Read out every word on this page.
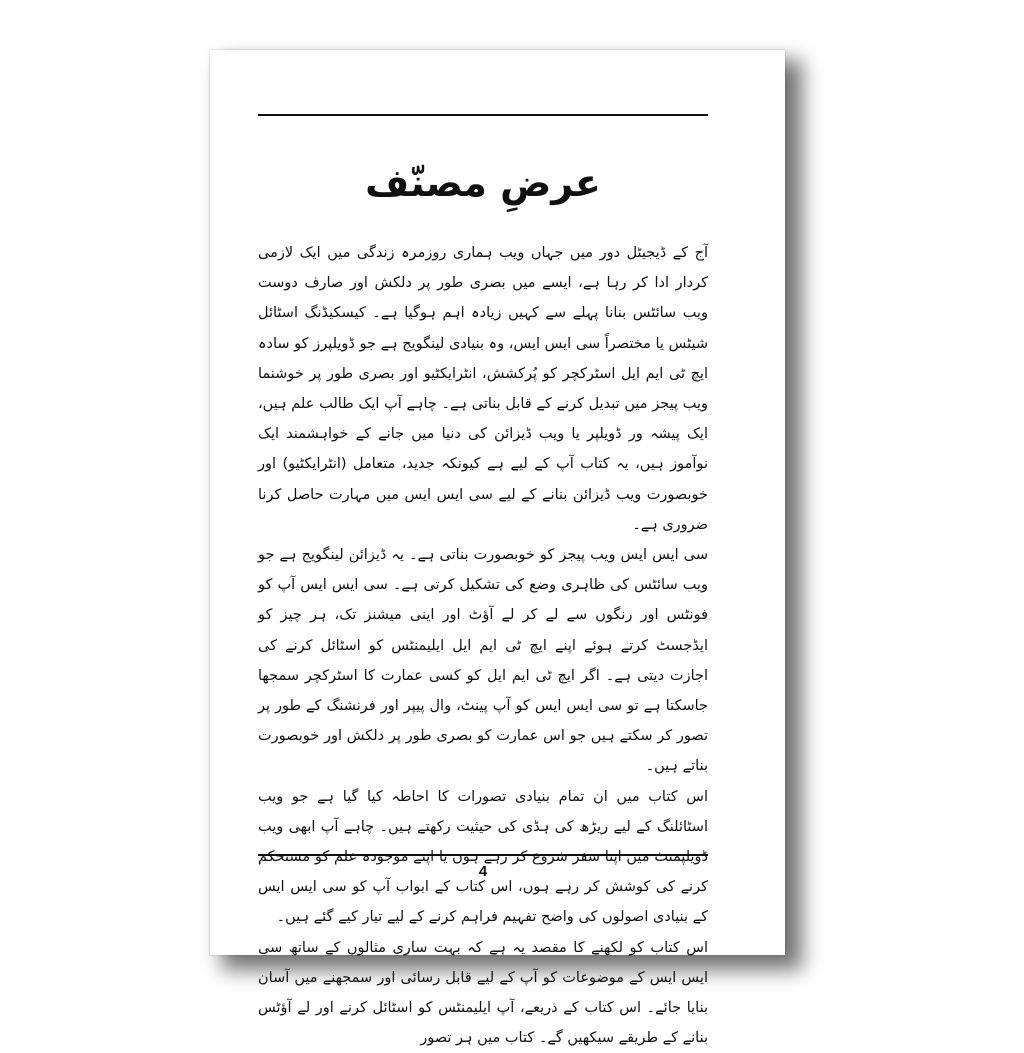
عرضِ مصنّف

آج کے ڈیجیٹل دور میں جہاں ویب ہماری روزمرہ زندگی میں ایک لازمی کردار ادا کر رہا ہے، ایسے میں بصری طور پر دلکش اور صارف دوست ویب سائٹس بنانا پہلے سے کہیں زیادہ اہم ہوگیا ہے۔ کیسکیڈنگ اسٹائل شیٹس یا مختصراً سی ایس ایس، وہ بنیادی لینگویج ہے جو ڈویلپرز کو سادہ ایچ ٹی ایم ایل اسٹرکچر کو پُرکشش، انٹرایکٹیو اور بصری طور پر خوشنما ویب پیجز میں تبدیل کرنے کے قابل بناتی ہے۔ چاہے آپ ایک طالب علم ہیں، ایک پیشہ ور ڈویلپر یا ویب ڈیزائن کی دنیا میں جانے کے خواہشمند ایک نوآموز ہیں، یہ کتاب آپ کے لیے ہے کیونکہ جدید، متعامل (انٹرایکٹیو) اور خوبصورت ویب ڈیزائن بنانے کے لیے سی ایس ایس میں مہارت حاصل کرنا ضروری ہے۔

سی ایس ایس ویب پیجز کو خوبصورت بناتی ہے۔ یہ ڈیزائن لینگویج ہے جو ویب سائٹس کی ظاہری وضع کی تشکیل کرتی ہے۔ سی ایس ایس آپ کو فونٹس اور رنگوں سے لے کر لے آؤٹ اور اینی میشنز تک، ہر چیز کو ایڈجسٹ کرتے ہوئے اپنے ایچ ٹی ایم ایل ایلیمنٹس کو اسٹائل کرنے کی اجازت دیتی ہے۔ اگر ایچ ٹی ایم ایل کو کسی عمارت کا اسٹرکچر سمجھا جاسکتا ہے تو سی ایس ایس کو آپ پینٹ، وال پیپر اور فرنشنگ کے طور پر تصور کر سکتے ہیں جو اس عمارت کو بصری طور پر دلکش اور خوبصورت بناتے ہیں۔

اس کتاب میں ان تمام بنیادی تصورات کا احاطہ کیا گیا ہے جو ویب اسٹائلنگ کے لیے ریڑھ کی ہڈی کی حیثیت رکھتے ہیں۔ چاہے آپ ابھی ویب ڈویلپمنٹ میں اپنا سفر شروع کر رہے ہوں یا اپنے موجودہ علم کو مستحکم کرنے کی کوشش کر رہے ہوں، اس کتاب کے ابواب آپ کو سی ایس ایس کے بنیادی اصولوں کی واضح تفہیم فراہم کرنے کے لیے تیار کیے گئے ہیں۔

اس کتاب کو لکھنے کا مقصد یہ ہے کہ بہت ساری مثالوں کے ساتھ سی ایس ایس کے موضوعات کو آپ کے لیے قابل رسائی اور سمجھنے میں آسان بنایا جائے۔ اس کتاب کے ذریعے، آپ ایلیمنٹس کو اسٹائل کرنے اور لے آؤٹس بنانے کے طریقے سیکھیں گے۔ کتاب میں ہر تصور

4
